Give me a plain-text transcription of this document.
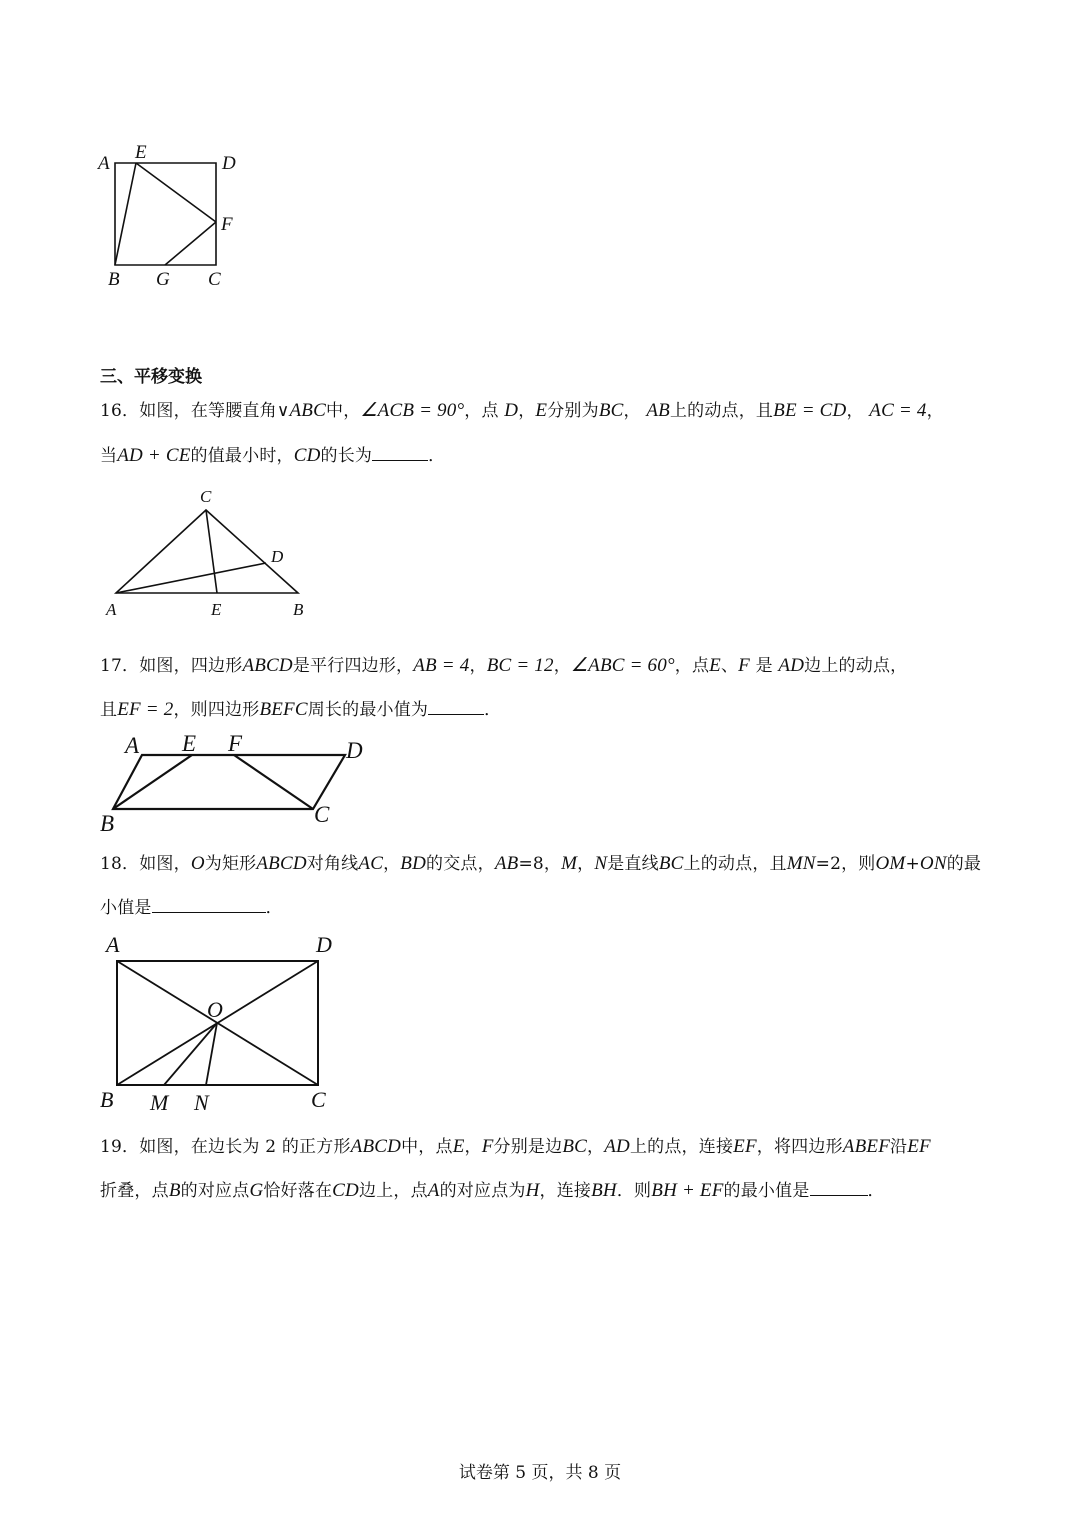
A
E
D
F
B G C
三、平移变换
16．如图，在等腰直角∨ABC中，∠ACB = 90°，点 D，E分别为BC， AB上的动点，且BE = CD， AC = 4，
当AD + CE的值最小时，CD的长为	．
C
D
A	E	B
17．如图，四边形ABCD是平行四边形，AB = 4，BC = 12，∠ABC = 60°，点E、F 是 AD边上的动点，
且EF = 2，则四边形BEFC周长的最小值为	．
A E F	D
B	C
18．如图，O为矩形ABCD对角线AC，BD的交点，AB=8，M，N是直线BC上的动点，且MN=2，则OM+ON的最
小值是	．
A	D
O
B M N	C
19．如图，在边长为 2 的正方形ABCD中，点E，F分别是边BC，AD上的点，连接EF，将四边形ABEF沿EF
折叠，点B的对应点G恰好落在CD边上，点A的对应点为H，连接BH．则BH + EF的最小值是	．
试卷第 5 页，共 8 页
